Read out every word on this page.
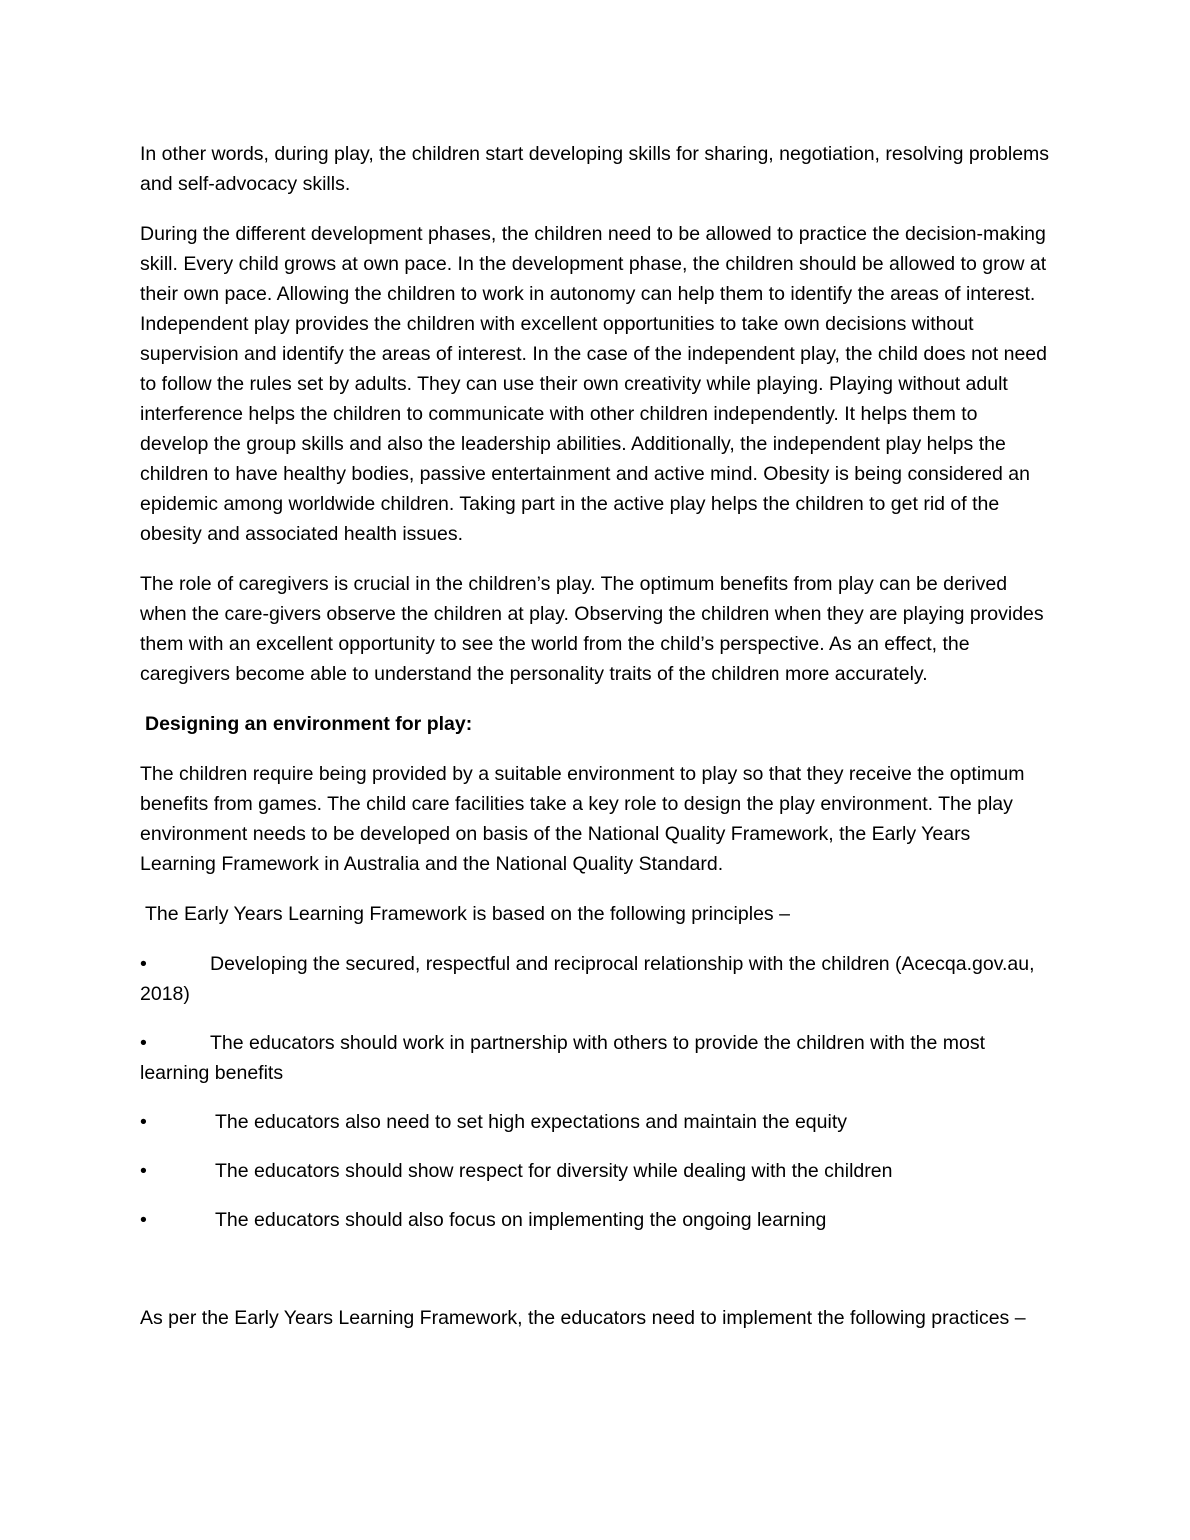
In other words, during play, the children start developing skills for sharing, negotiation, resolving problems and self-advocacy skills.

During the different development phases, the children need to be allowed to practice the decision-making skill. Every child grows at own pace. In the development phase, the children should be allowed to grow at their own pace. Allowing the children to work in autonomy can help them to identify the areas of interest. Independent play provides the children with excellent opportunities to take own decisions without supervision and identify the areas of interest. In the case of the independent play, the child does not need to follow the rules set by adults. They can use their own creativity while playing. Playing without adult interference helps the children to communicate with other children independently. It helps them to develop the group skills and also the leadership abilities. Additionally, the independent play helps the children to have healthy bodies, passive entertainment and active mind. Obesity is being considered an epidemic among worldwide children. Taking part in the active play helps the children to get rid of the obesity and associated health issues.

The role of caregivers is crucial in the children’s play. The optimum benefits from play can be derived when the care-givers observe the children at play. Observing the children when they are playing provides them with an excellent opportunity to see the world from the child’s perspective. As an effect, the caregivers become able to understand the personality traits of the children more accurately.

Designing an environment for play:

The children require being provided by a suitable environment to play so that they receive the optimum benefits from games. The child care facilities take a key role to design the play environment. The play environment needs to be developed on basis of the National Quality Framework, the Early Years Learning Framework in Australia and the National Quality Standard.

The Early Years Learning Framework is based on the following principles –

•	Developing the secured, respectful and reciprocal relationship with the children (Acecqa.gov.au, 2018)
•	The educators should work in partnership with others to provide the children with the most learning benefits
•	The educators also need to set high expectations and maintain the equity
•	The educators should show respect for diversity while dealing with the children
•	The educators should also focus on implementing the ongoing learning

As per the Early Years Learning Framework, the educators need to implement the following practices –
